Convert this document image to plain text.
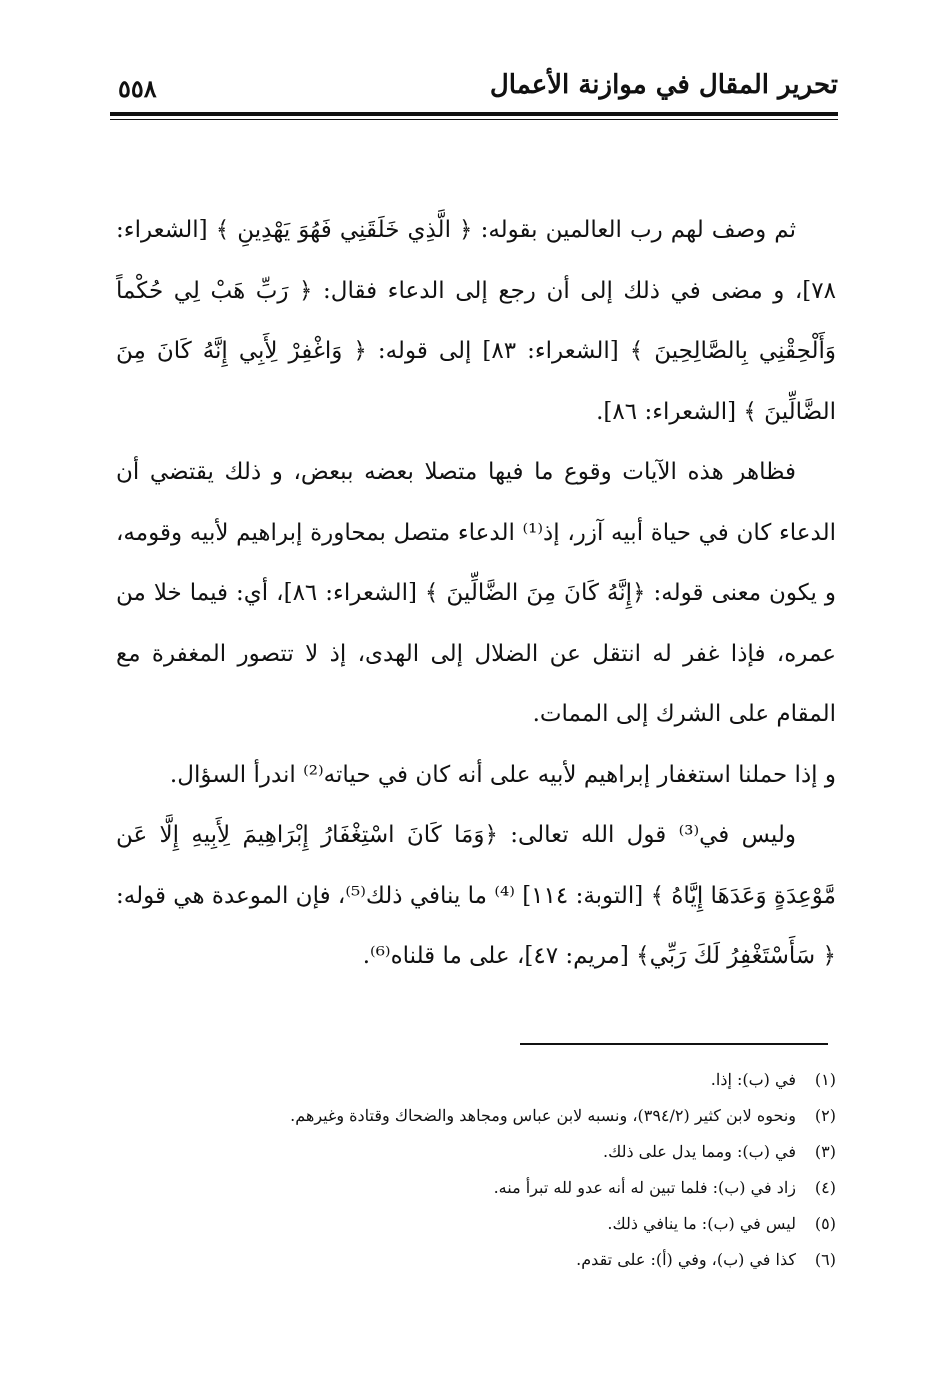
تحرير المقال في موازنة الأعمال
٥٥٨

ثم وصف لهم رب العالمين بقوله: ﴿ الَّذِي خَلَقَنِي فَهُوَ يَهْدِينِ ﴾ [الشعراء: ٧٨]، و مضى في ذلك إلى أن رجع إلى الدعاء فقال: ﴿ رَبِّ هَبْ لِي حُكْماً وَأَلْحِقْنِي بِالصَّالِحِينَ ﴾ [الشعراء: ٨٣] إلى قوله: ﴿ وَاغْفِرْ لِأَبِي إِنَّهُ كَانَ مِنَ الضَّالِّينَ ﴾ [الشعراء: ٨٦].

فظاهر هذه الآيات وقوع ما فيها متصلا بعضه ببعض، و ذلك يقتضي أن الدعاء كان في حياة أبيه آزر، إذ⁽¹⁾ الدعاء متصل بمحاورة إبراهيم لأبيه وقومه، و يكون معنى قوله: ﴿إِنَّهُ كَانَ مِنَ الضَّالِّينَ ﴾ [الشعراء: ٨٦]، أي: فيما خلا من عمره، فإذا غفر له انتقل عن الضلال إلى الهدى، إذ لا تتصور المغفرة مع المقام على الشرك إلى الممات.

و إذا حملنا استغفار إبراهيم لأبيه على أنه كان في حياته⁽²⁾ اندرأ السؤال.

وليس في⁽³⁾ قول الله تعالى: ﴿وَمَا كَانَ اسْتِغْفَارُ إِبْرَاهِيمَ لِأَبِيهِ إِلَّا عَن مَّوْعِدَةٍ وَعَدَهَا إِيَّاهُ ﴾ [التوبة: ١١٤] ⁽⁴⁾ ما ينافي ذلك⁽⁵⁾، فإن الموعدة هي قوله: ﴿ سَأَسْتَغْفِرُ لَكَ رَبِّي﴾ [مريم: ٤٧]، على ما قلناه⁽⁶⁾.

(١)في (ب): إذا.
(٢)ونحوه لابن كثير (٣٩٤/٢)، ونسبه لابن عباس ومجاهد والضحاك وقتادة وغيرهم.
(٣)في (ب): ومما يدل على ذلك.
(٤)زاد في (ب): فلما تبين له أنه عدو لله تبرأ منه.
(٥)ليس في (ب): ما ينافي ذلك.
(٦)كذا في (ب)، وفي (أ): على تقدم.
